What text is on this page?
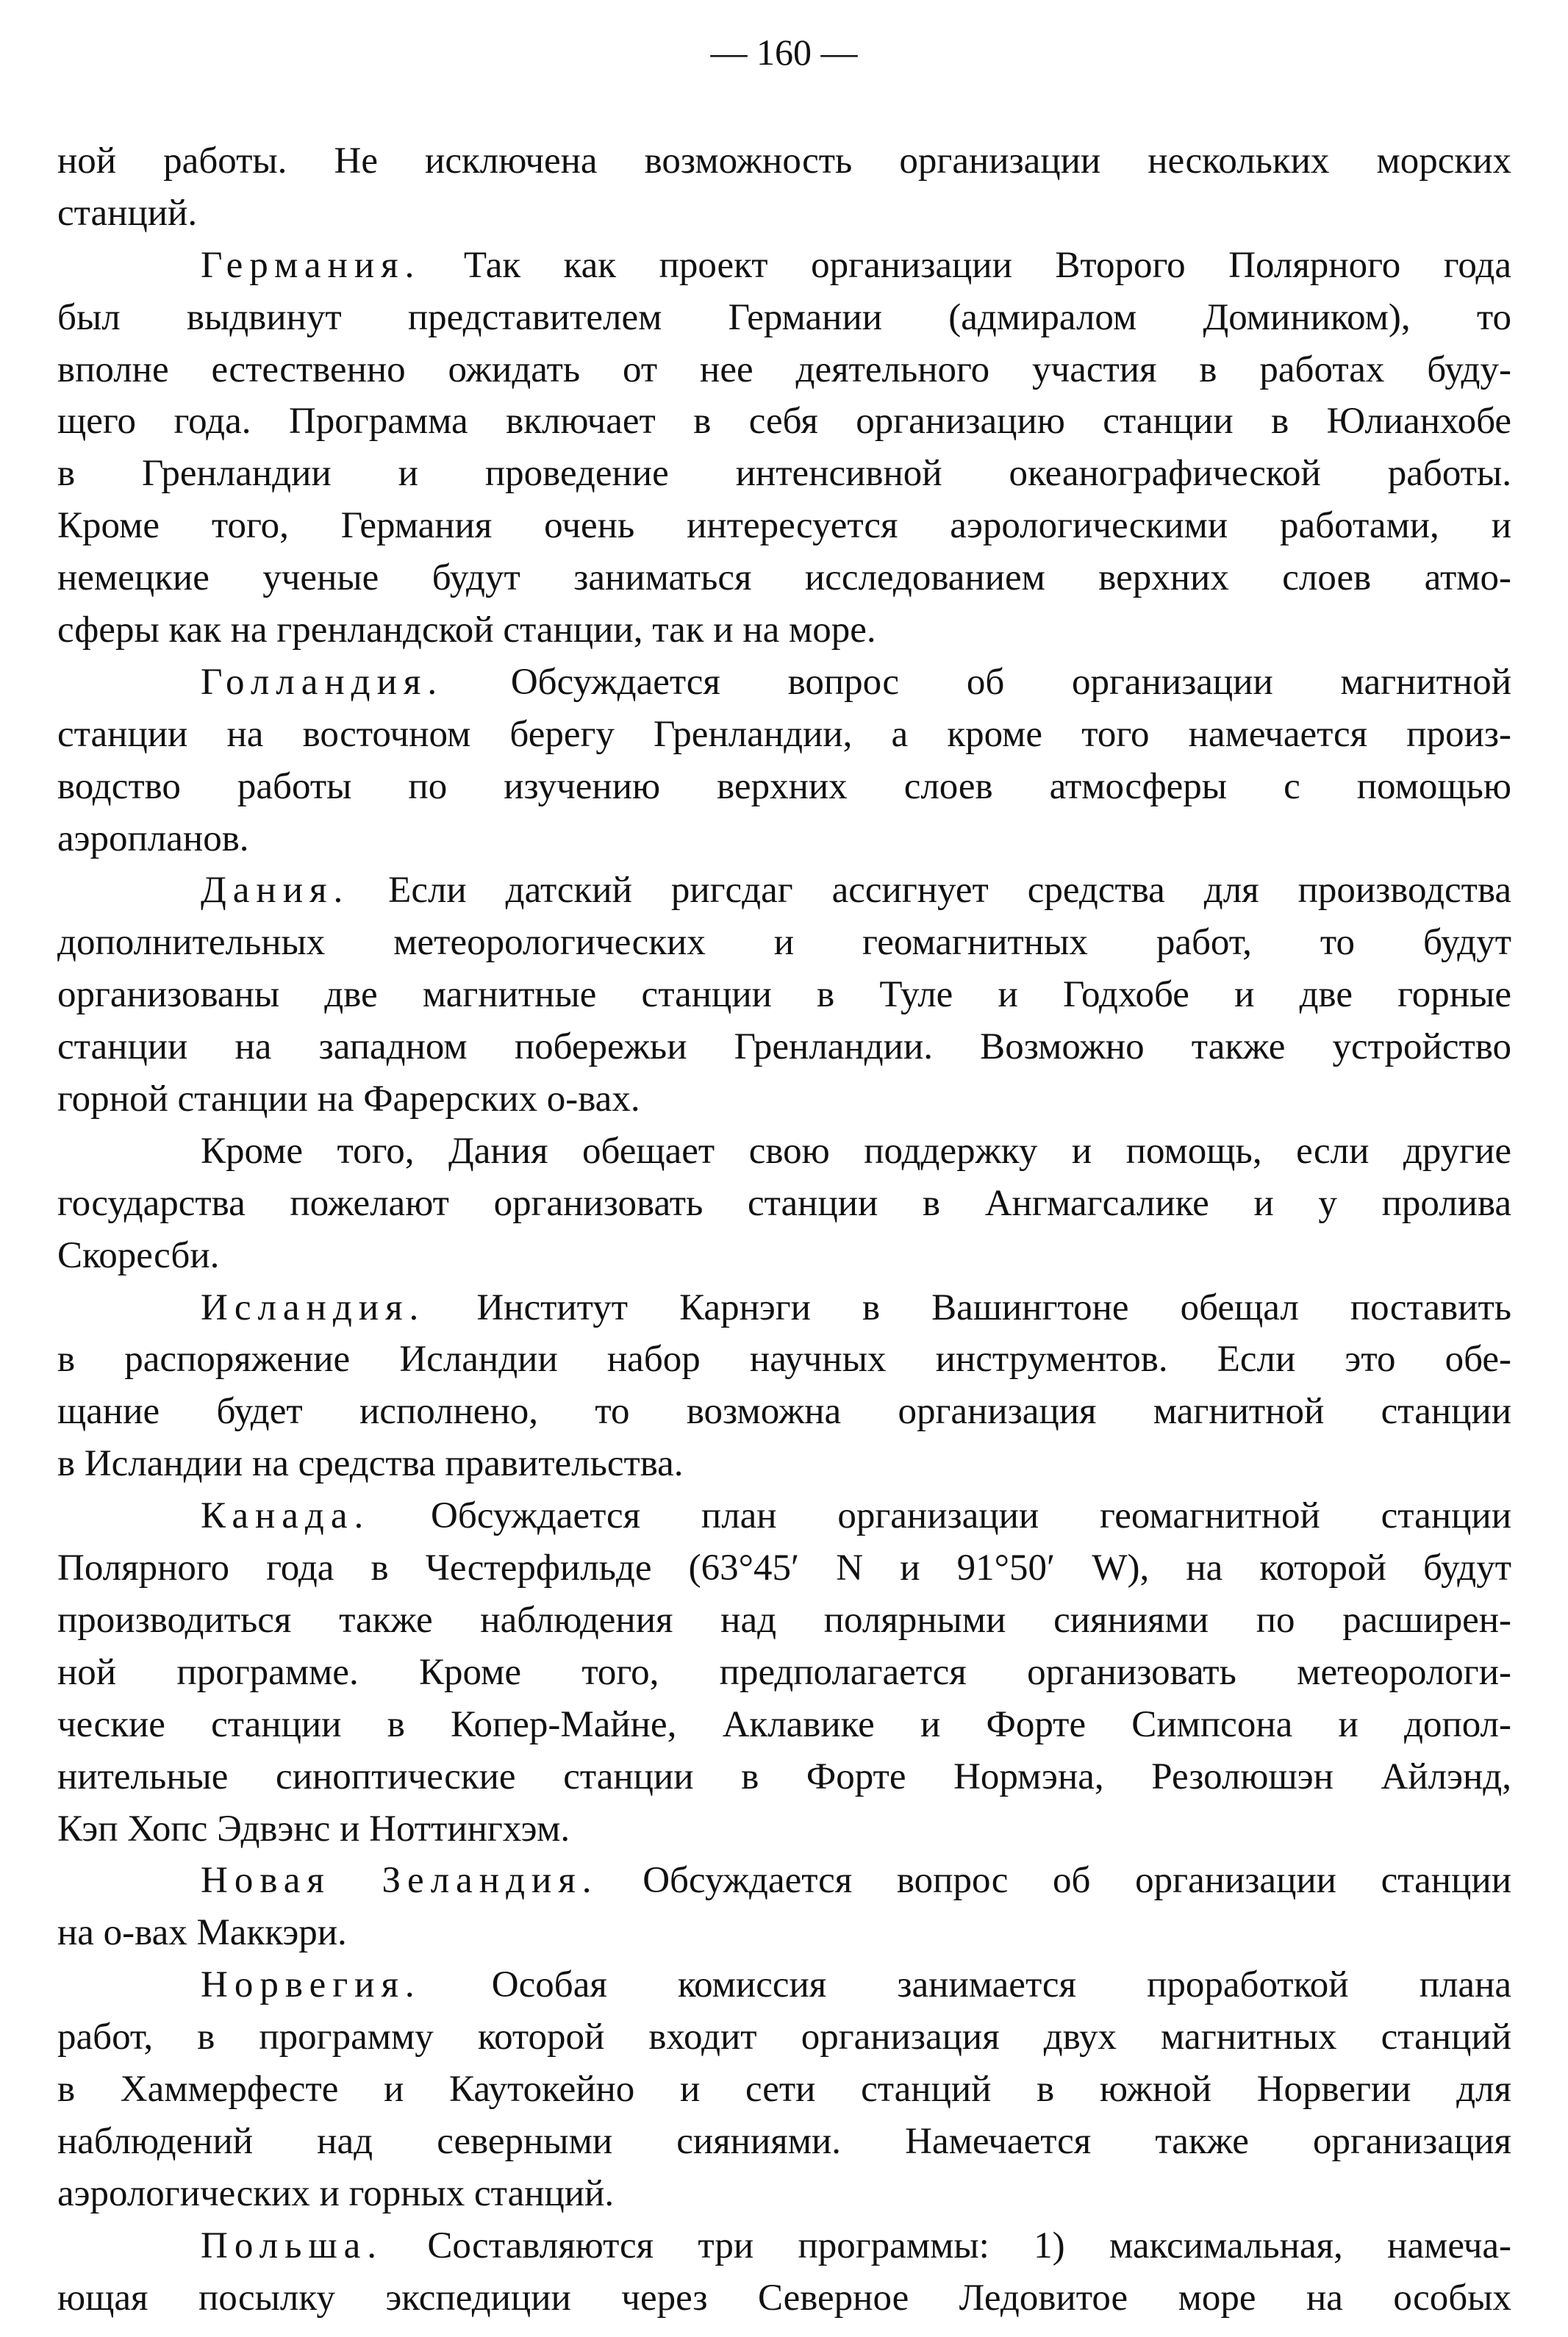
— 160 —
ной работы. Не исключена возможность организации нескольких морских
станций.
Германия. Так как проект организации Второго Полярного года
был выдвинут представителем Германии (адмиралом Домиником), то
вполне естественно ожидать от нее деятельного участия в работах буду-
щего года. Программа включает в себя организацию станции в Юлианхобе
в Гренландии и проведение интенсивной океанографической работы.
Кроме того, Германия очень интересуется аэрологическими работами, и
немецкие ученые будут заниматься исследованием верхних слоев атмо-
сферы как на гренландской станции, так и на море.
Голландия. Обсуждается вопрос об организации магнитной
станции на восточном берегу Гренландии, а кроме того намечается произ-
водство работы по изучению верхних слоев атмосферы с помощью
аэропланов.
Дания. Если датский ригсдаг ассигнует средства для производства
дополнительных метеорологических и геомагнитных работ, то будут
организованы две магнитные станции в Туле и Годхобе и две горные
станции на западном побережьи Гренландии. Возможно также устройство
горной станции на Фарерских о-вах.
Кроме того, Дания обещает свою поддержку и помощь, если другие
государства пожелают организовать станции в Ангмагсалике и у пролива
Скоресби.
Исландия. Институт Карнэги в Вашингтоне обещал поставить
в распоряжение Исландии набор научных инструментов. Если это обе-
щание будет исполнено, то возможна организация магнитной станции
в Исландии на средства правительства.
Канада. Обсуждается план организации геомагнитной станции
Полярного года в Честерфильде (63°45′ N и 91°50′ W), на которой будут
производиться также наблюдения над полярными сияниями по расширен-
ной программе. Кроме того, предполагается организовать метеорологи-
ческие станции в Копер-Майне, Аклавике и Форте Симпсона и допол-
нительные синоптические станции в Форте Нормэна, Резолюшэн Айлэнд,
Кэп Хопс Эдвэнс и Ноттингхэм.
Новая Зеландия. Обсуждается вопрос об организации станции
на о-вах Маккэри.
Норвегия. Особая комиссия занимается проработкой плана
работ, в программу которой входит организация двух магнитных станций
в Хаммерфесте и Каутокейно и сети станций в южной Норвегии для
наблюдений над северными сияниями. Намечается также организация
аэрологических и горных станций.
Польша. Составляются три программы: 1) максимальная, намеча-
ющая посылку экспедиции через Северное Ледовитое море на особых
